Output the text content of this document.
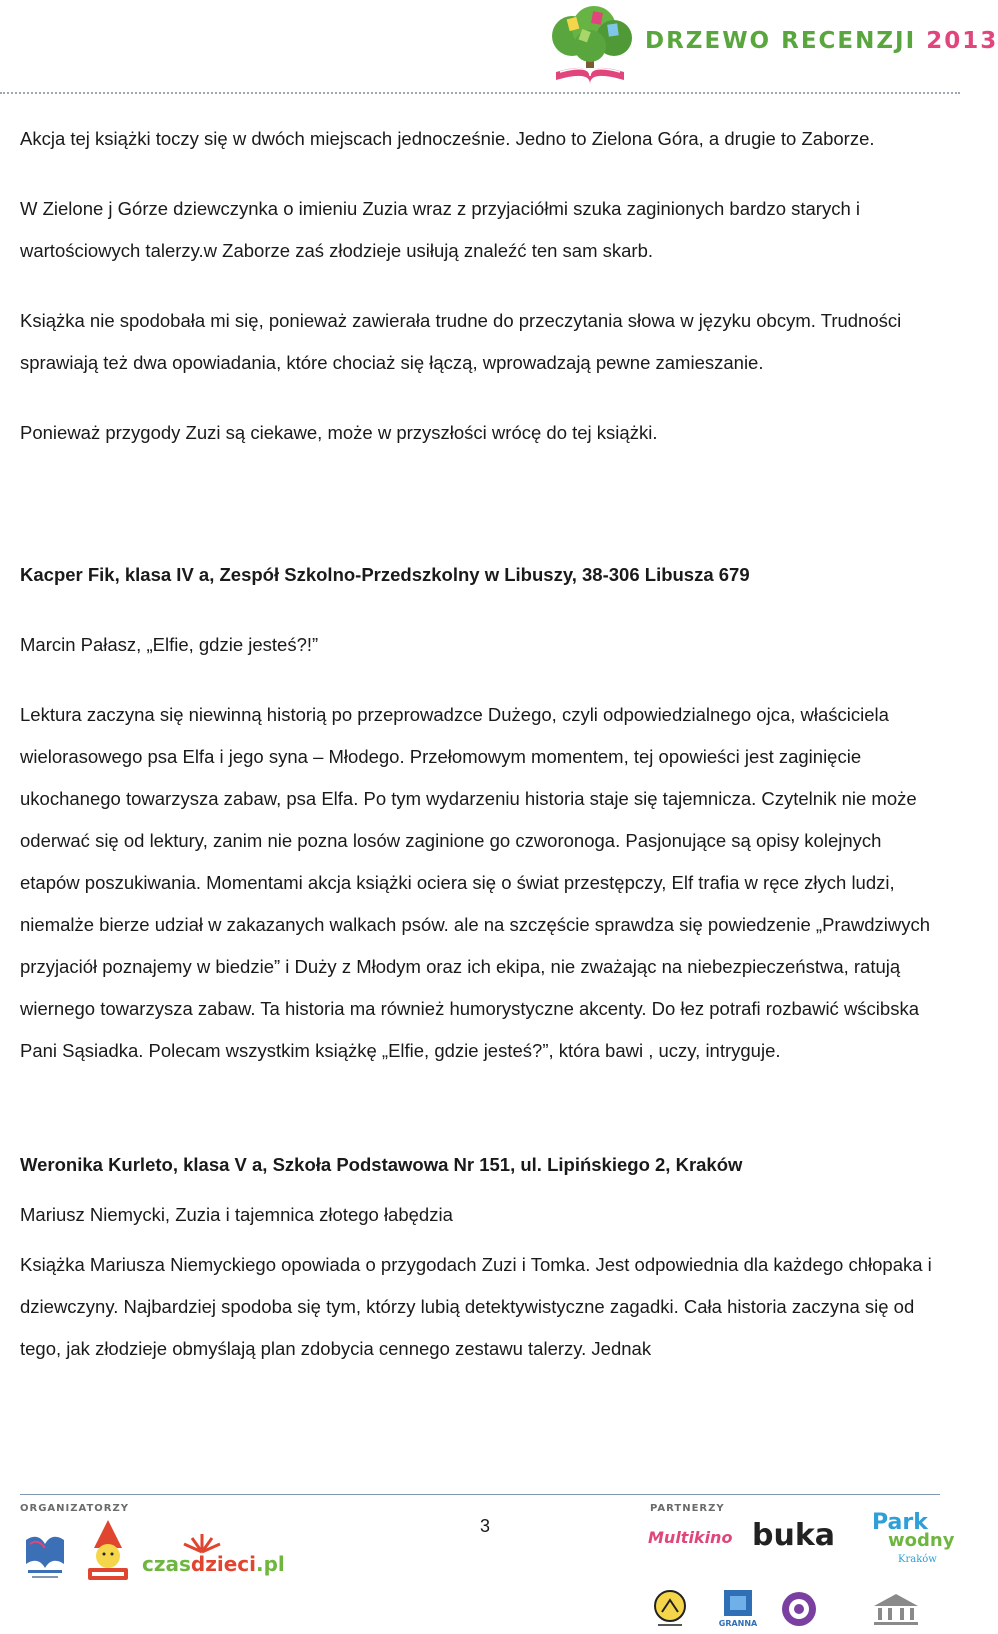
DRZEWO RECENZJI 2013

Akcja tej książki toczy się w dwóch miejscach jednocześnie. Jedno to Zielona Góra, a drugie to Zaborze.

W Zielone j Górze dziewczynka o imieniu Zuzia wraz z przyjaciółmi szuka zaginionych bardzo starych i wartościowych talerzy.w Zaborze zaś złodzieje usiłują znaleźć ten sam skarb.

Książka nie spodobała mi się, ponieważ zawierała trudne do przeczytania słowa w języku obcym. Trudności sprawiają też dwa opowiadania, które chociaż się łączą, wprowadzają pewne zamieszanie.

Ponieważ przygody Zuzi są ciekawe, może w przyszłości wrócę do tej książki.

Kacper Fik, klasa IV a, Zespół Szkolno-Przedszkolny w Libuszy, 38-306 Libusza 679

Marcin Pałasz, „Elfie, gdzie jesteś?!”

Lektura zaczyna się niewinną historią po przeprowadzce Dużego, czyli odpowiedzialnego ojca, właściciela wielorasowego psa Elfa i jego syna – Młodego. Przełomowym momentem, tej opowieści jest zaginięcie ukochanego towarzysza zabaw, psa Elfa. Po tym wydarzeniu historia staje się tajemnicza. Czytelnik nie może oderwać się od lektury, zanim nie pozna losów zaginione go czworonoga. Pasjonujące są opisy kolejnych etapów poszukiwania. Momentami akcja książki ociera się o świat przestępczy, Elf trafia w ręce złych ludzi, niemalże bierze udział w zakazanych walkach psów. ale na szczęście sprawdza się powiedzenie „Prawdziwych przyjaciół poznajemy w biedzie” i Duży z Młodym oraz ich ekipa, nie zważając na niebezpieczeństwa, ratują wiernego towarzysza zabaw. Ta historia ma również humorystyczne akcenty. Do łez potrafi rozbawić wścibska Pani Sąsiadka. Polecam wszystkim książkę „Elfie, gdzie jesteś?”, która bawi , uczy, intryguje.

Weronika Kurleto, klasa V a, Szkoła Podstawowa Nr 151, ul. Lipińskiego 2, Kraków

Mariusz Niemycki, Zuzia i tajemnica złotego łabędzia

Książka Mariusza Niemyckiego opowiada o przygodach Zuzi i Tomka. Jest odpowiednia dla każdego chłopaka i dziewczyny. Najbardziej spodoba się tym, którzy lubią detektywistyczne zagadki. Cała historia zaczyna się od tego, jak złodzieje obmyślają plan zdobycia cennego zestawu talerzy. Jednak

ORGANIZATORZY	PARTNERZY
3
czasdzieci.pl
Multikino buka Park
wodny
Kraków
GRANNA
